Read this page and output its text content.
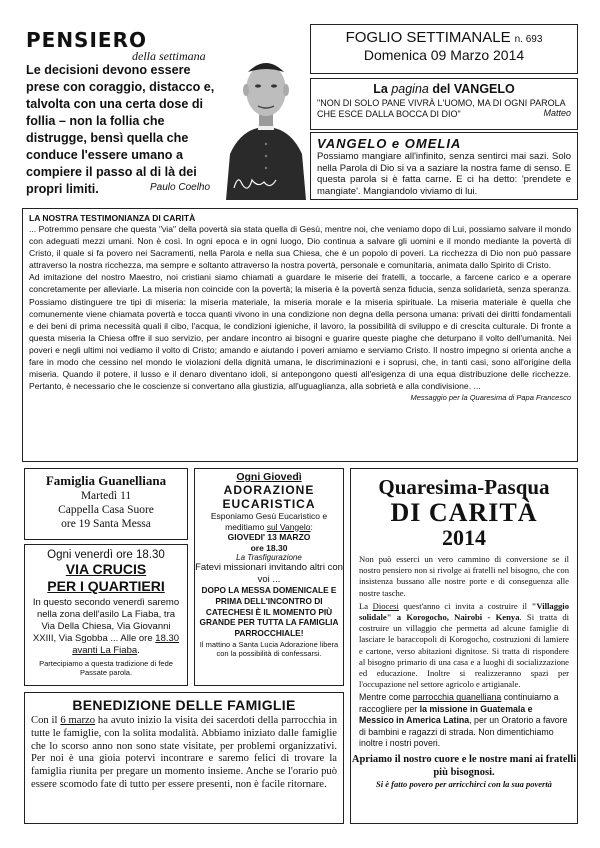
PENSIERO
della settimana
Le decisioni devono essere prese con coraggio, distacco e, talvolta con una certa dose di follia – non la follia che distrugge, bensì quella che conduce l'essere umano a compiere il passo al di là dei propri limiti.	Paulo Coelho
FOGLIO SETTIMANALE n. 693
Domenica 09 Marzo 2014
La pagina del VANGELO
"NON DI SOLO PANE VIVRÀ L'UOMO, MA DI OGNI PAROLA CHE ESCE DALLA BOCCA DI DIO"	Matteo
VANGELO e OMELIA
Possiamo mangiare all'infinito, senza sentirci mai sazi. Solo nella Parola di Dio si va a saziare la nostra fame di senso. E questa parola si è fatta carne. E ci ha detto: 'prendete e mangiate'. Mangiandolo viviamo di lui.
LA NOSTRA TESTIMONIANZA DI CARITÀ

... Potremmo pensare che questa "via" della povertà sia stata quella di Gesù, mentre noi, che veniamo dopo di Lui, possiamo salvare il mondo con adeguati mezzi umani. Non è così. In ogni epoca e in ogni luogo, Dio continua a salvare gli uomini e il mondo mediante la povertà di Cristo, il quale si fa povero nei Sacramenti, nella Parola e nella sua Chiesa, che è un popolo di poveri. La ricchezza di Dio non può passare attraverso la nostra ricchezza, ma sempre e soltanto attraverso la nostra povertà, personale e comunitaria, animata dallo Spirito di Cristo.

Ad imitazione del nostro Maestro, noi cristiani siamo chiamati a guardare le miserie dei fratelli, a toccarle, a farcene carico e a operare concretamente per alleviarle. La miseria non coincide con la povertà; la miseria è la povertà senza fiducia, senza solidarietà, senza speranza. Possiamo distinguere tre tipi di miseria: la miseria materiale, la miseria morale e la miseria spirituale. La miseria materiale è quella che comunemente viene chiamata povertà e tocca quanti vivono in una condizione non degna della persona umana: privati dei diritti fondamentali e dei beni di prima necessità quali il cibo, l'acqua, le condizioni igieniche, il lavoro, la possibilità di sviluppo e di crescita culturale. Di fronte a questa miseria la Chiesa offre il suo servizio, per andare incontro ai bisogni e guarire queste piaghe che deturpano il volto dell'umanità. Nei poveri e negli ultimi noi vediamo il volto di Cristo; amando e aiutando i poveri amiamo e serviamo Cristo. Il nostro impegno si orienta anche a fare in modo che cessino nel mondo le violazioni della dignità umana, le discriminazioni e i soprusi, che, in tanti casi, sono all'origine della miseria. Quando il potere, il lusso e il denaro diventano idoli, si antepongono questi all'esigenza di una equa distribuzione delle ricchezze. Pertanto, è necessario che le coscienze si convertano alla giustizia, all'uguaglianza, alla sobrietà e alla condivisione. ...
Messaggio per la Quaresima di Papa Francesco

Famiglia Guanelliana
Martedì 11
Cappella Casa Suore
ore 19 Santa Messa
Ogni venerdì ore 18.30
VIA CRUCIS
PER I QUARTIERI
In questo secondo venerdì saremo nella zona dell'asilo La Fiaba, tra Via Della Chiesa, Via Giovanni XXIII, Via Sgobba ... Alle ore 18.30 avanti La Fiaba.
Partecipiamo a questa tradizione di fede Passate parola.
Ogni Giovedì
ADORAZIONE
EUCARISTICA
Esponiamo Gesù Eucaristico e meditiamo sul Vangelo:
GIOVEDI' 13 MARZO
ore 18.30
La Trasfigurazione
Fatevi missionari invitando altri con voi ...
DOPO LA MESSA DOMENICALE E PRIMA DELL'INCONTRO DI CATECHESI È IL MOMENTO PIÙ GRANDE PER TUTTA LA FAMIGLIA PARROCCHIALE!
Il mattino a Santa Lucia Adorazione libera con la possibilità di confessarsi.
Quaresima-Pasqua
DI CARITÀ
2014
Non può esserci un vero cammino di conversione se il nostro pensiero non si rivolge ai fratelli nel bisogno, che con insistenza bussano alle nostre porte e di conseguenza alle nostre tasche.
La Diocesi quest'anno ci invita a costruire il "Villaggio solidale" a Korogocho, Nairobi - Kenya. Si tratta di costruire un villaggio che permetta ad alcune famiglie di lasciare le baraccopoli di Korogocho, costruzioni di lamiere e cartone, verso abitazioni dignitose. Si tratta di rispondere al bisogno primario di una casa e a luoghi di socializzazione ed educazione. Inoltre si realizzeranno spazi per l'occupazione nel settore agricolo e artigianale.
Mentre come parrocchia guanelliana continuiamo a raccogliere per la missione in Guatemala e Messico in America Latina, per un Oratorio a favore di bambini e ragazzi di strada. Non dimentichiamo inoltre i nostri poveri.
Apriamo il nostro cuore e le nostre mani ai fratelli più bisognosi.
Si è fatto povero per arricchirci con la sua povertà
BENEDIZIONE DELLE FAMIGLIE
Con il 6 marzo ha avuto inizio la visita dei sacerdoti della parrocchia in tutte le famiglie, con la solita modalità. Abbiamo iniziato dalle famiglie che lo scorso anno non sono state visitate, per problemi organizzativi. Per noi è una gioia potervi incontrare e saremo felici di trovare la famiglia riunita per pregare un momento insieme. Anche se l'orario può essere scomodo fate di tutto per essere presenti, non è facile ritornare.
